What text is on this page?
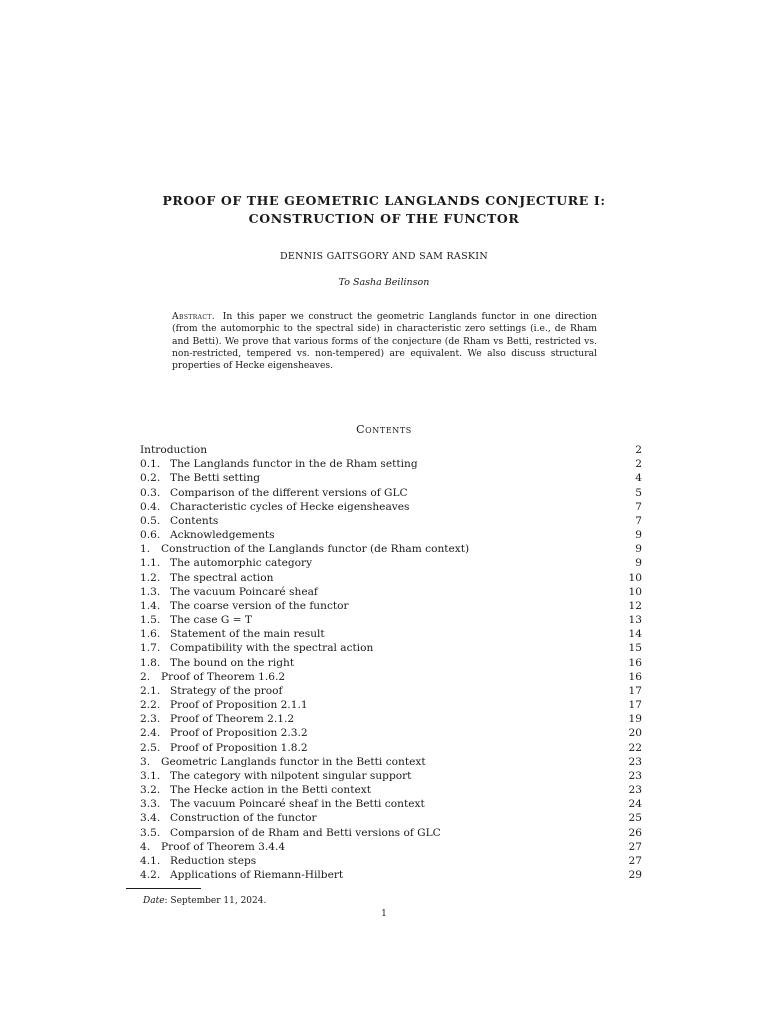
PROOF OF THE GEOMETRIC LANGLANDS CONJECTURE I:
CONSTRUCTION OF THE FUNCTOR
DENNIS GAITSGORY AND SAM RASKIN
To Sasha Beilinson
Abstract. In this paper we construct the geometric Langlands functor in one direction (from the automorphic to the spectral side) in characteristic zero settings (i.e., de Rham and Betti). We prove that various forms of the conjecture (de Rham vs Betti, restricted vs. non-restricted, tempered vs. non-tempered) are equivalent. We also discuss structural properties of Hecke eigensheaves.
Contents
Introduction	2
0.1. The Langlands functor in the de Rham setting	2
0.2. The Betti setting	4
0.3. Comparison of the different versions of GLC	5
0.4. Characteristic cycles of Hecke eigensheaves	7
0.5. Contents	7
0.6. Acknowledgements	9
1. Construction of the Langlands functor (de Rham context)	9
1.1. The automorphic category	9
1.2. The spectral action	10
1.3. The vacuum Poincaré sheaf	10
1.4. The coarse version of the functor	12
1.5. The case G = T	13
1.6. Statement of the main result	14
1.7. Compatibility with the spectral action	15
1.8. The bound on the right	16
2. Proof of Theorem 1.6.2	16
2.1. Strategy of the proof	17
2.2. Proof of Proposition 2.1.1	17
2.3. Proof of Theorem 2.1.2	19
2.4. Proof of Proposition 2.3.2	20
2.5. Proof of Proposition 1.8.2	22
3. Geometric Langlands functor in the Betti context	23
3.1. The category with nilpotent singular support	23
3.2. The Hecke action in the Betti context	23
3.3. The vacuum Poincaré sheaf in the Betti context	24
3.4. Construction of the functor	25
3.5. Comparsion of de Rham and Betti versions of GLC	26
4. Proof of Theorem 3.4.4	27
4.1. Reduction steps	27
4.2. Applications of Riemann-Hilbert	29
Date: September 11, 2024.
1
